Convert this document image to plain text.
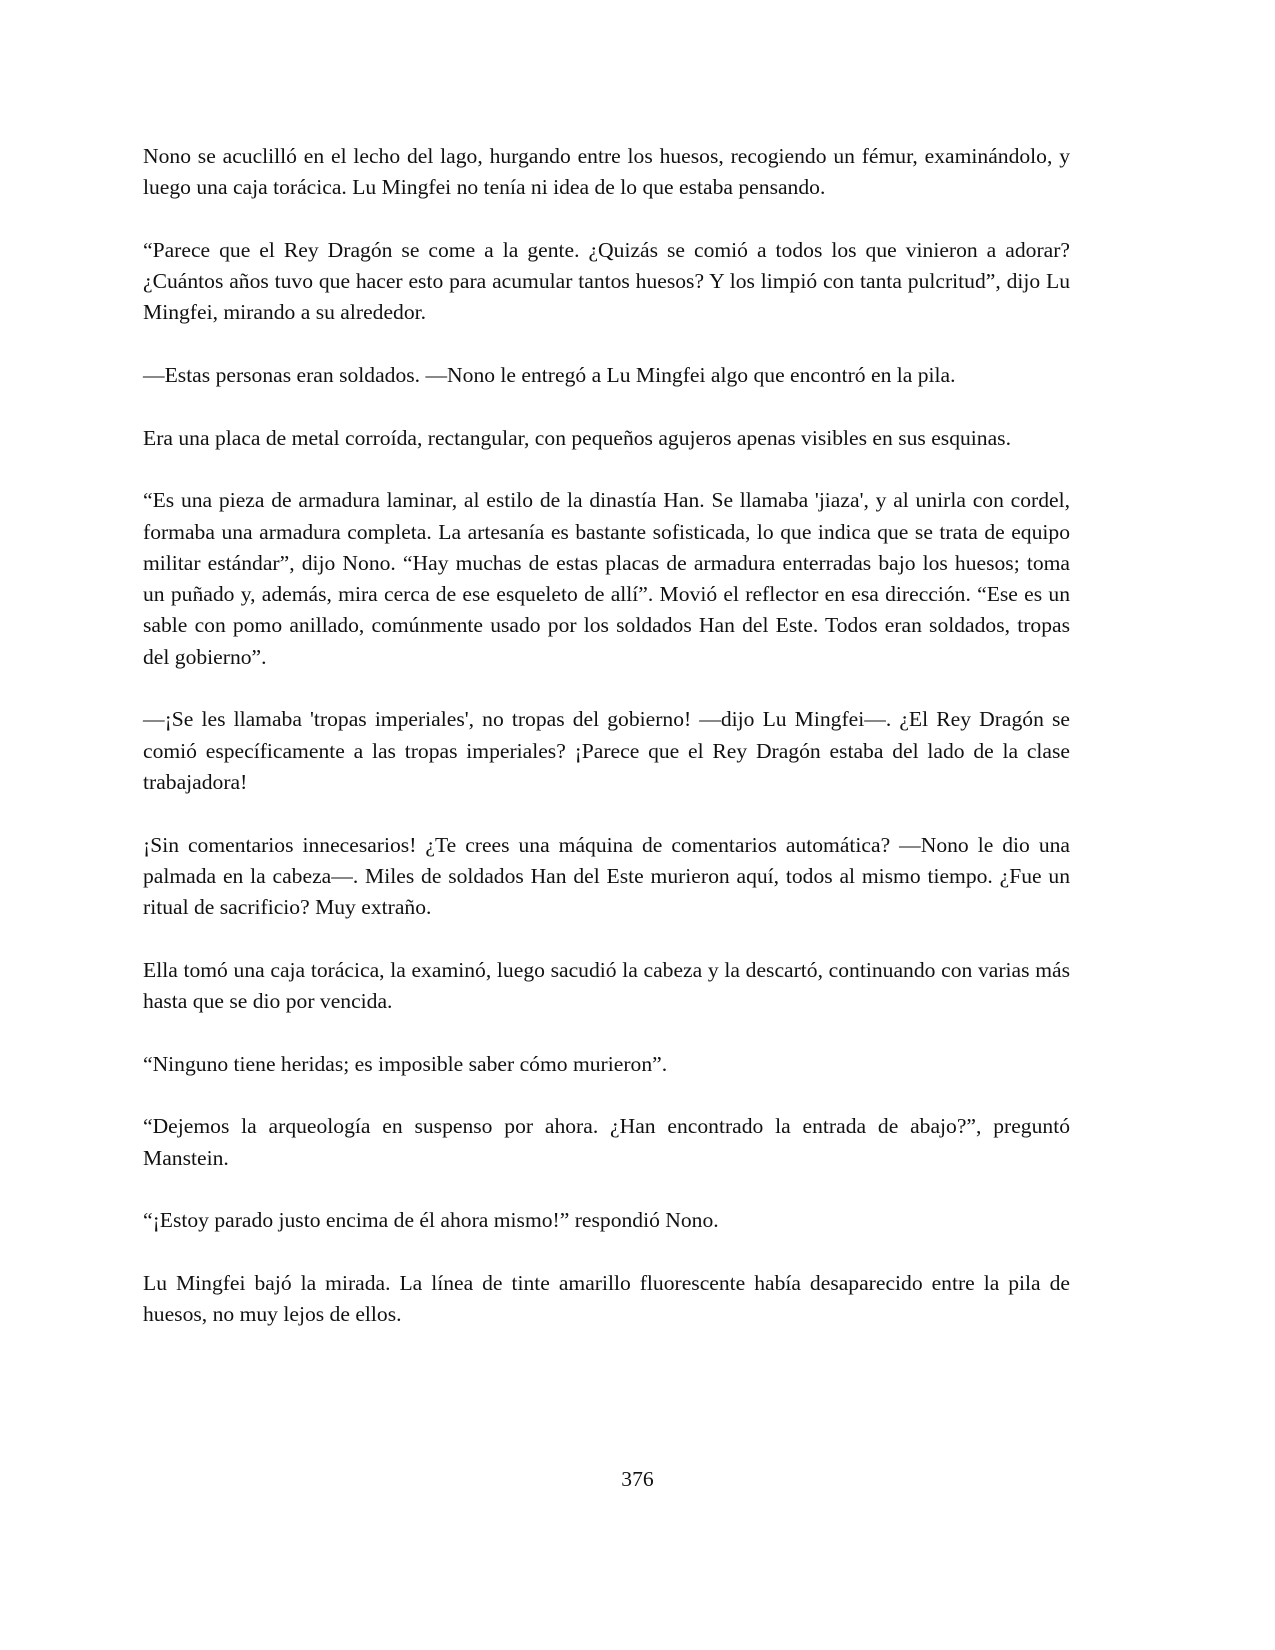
Nono se acuclilló en el lecho del lago, hurgando entre los huesos, recogiendo un fémur, examinándolo, y luego una caja torácica. Lu Mingfei no tenía ni idea de lo que estaba pensando.

“Parece que el Rey Dragón se come a la gente. ¿Quizás se comió a todos los que vinieron a adorar? ¿Cuántos años tuvo que hacer esto para acumular tantos huesos? Y los limpió con tanta pulcritud”, dijo Lu Mingfei, mirando a su alrededor.

—Estas personas eran soldados. —Nono le entregó a Lu Mingfei algo que encontró en la pila.

Era una placa de metal corroída, rectangular, con pequeños agujeros apenas visibles en sus esquinas.

“Es una pieza de armadura laminar, al estilo de la dinastía Han. Se llamaba 'jiaza', y al unirla con cordel, formaba una armadura completa. La artesanía es bastante sofisticada, lo que indica que se trata de equipo militar estándar”, dijo Nono. “Hay muchas de estas placas de armadura enterradas bajo los huesos; toma un puñado y, además, mira cerca de ese esqueleto de allí”. Movió el reflector en esa dirección. “Ese es un sable con pomo anillado, comúnmente usado por los soldados Han del Este. Todos eran soldados, tropas del gobierno”.

—¡Se les llamaba 'tropas imperiales', no tropas del gobierno! —dijo Lu Mingfei—. ¿El Rey Dragón se comió específicamente a las tropas imperiales? ¡Parece que el Rey Dragón estaba del lado de la clase trabajadora!

¡Sin comentarios innecesarios! ¿Te crees una máquina de comentarios automática? —Nono le dio una palmada en la cabeza—. Miles de soldados Han del Este murieron aquí, todos al mismo tiempo. ¿Fue un ritual de sacrificio? Muy extraño.

Ella tomó una caja torácica, la examinó, luego sacudió la cabeza y la descartó, continuando con varias más hasta que se dio por vencida.

“Ninguno tiene heridas; es imposible saber cómo murieron”.

“Dejemos la arqueología en suspenso por ahora. ¿Han encontrado la entrada de abajo?”, preguntó Manstein.

“¡Estoy parado justo encima de él ahora mismo!” respondió Nono.

Lu Mingfei bajó la mirada. La línea de tinte amarillo fluorescente había desaparecido entre la pila de huesos, no muy lejos de ellos.

376
